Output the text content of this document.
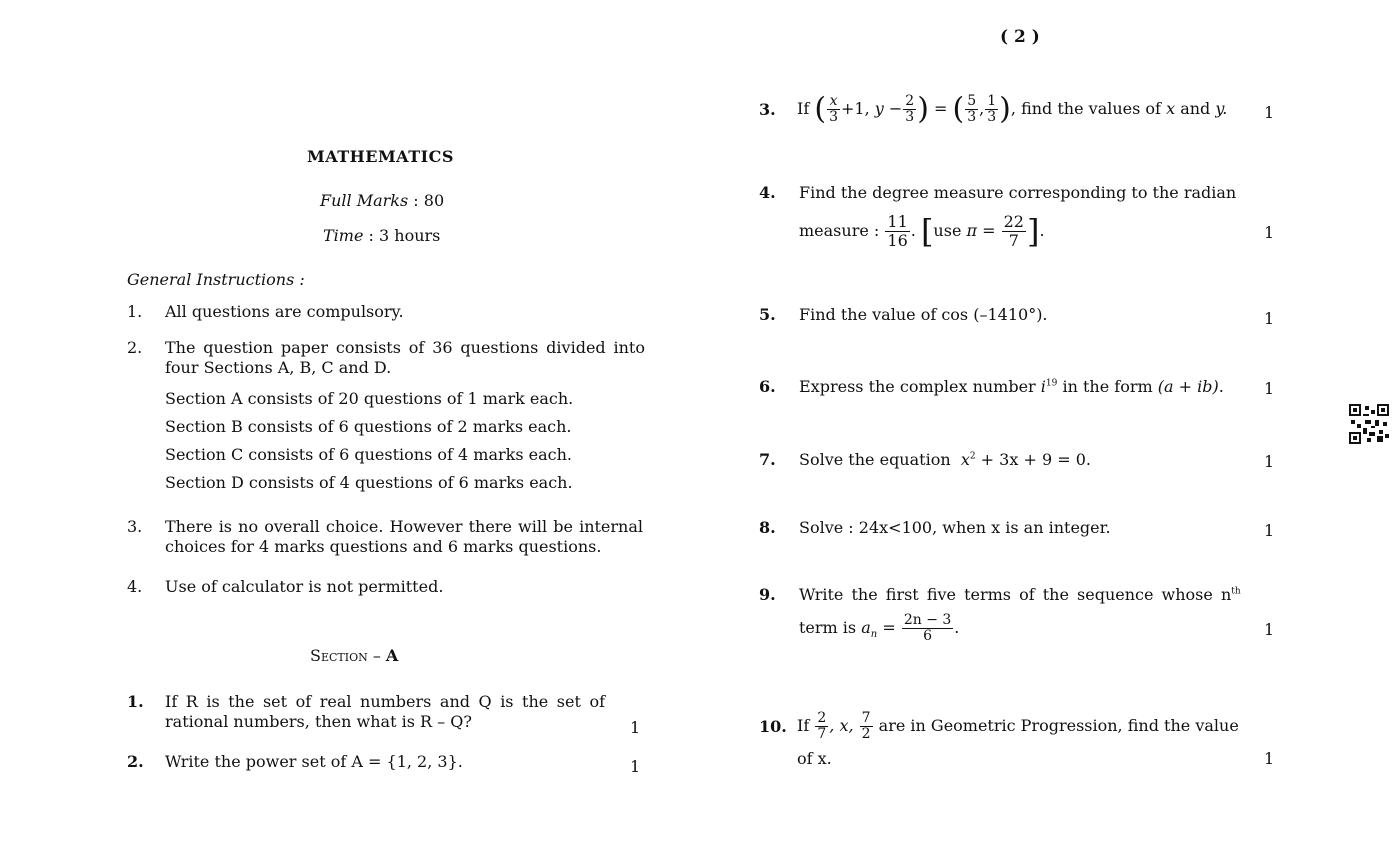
( 2 )
MATHEMATICS
Full Marks : 80
Time : 3 hours
General Instructions :
1. All questions are compulsory.
2. The question paper consists of 36 questions divided into four Sections A, B, C and D.
Section A consists of 20 questions of 1 mark each.
Section B consists of 6 questions of 2 marks each.
Section C consists of 6 questions of 4 marks each.
Section D consists of 4 questions of 6 marks each.
3. There is no overall choice. However there will be internal choices for 4 marks questions and 6 marks questions.
4. Use of calculator is not permitted.
Section – A
1. If R is the set of real numbers and Q is the set of rational numbers, then what is R – Q?	1
2. Write the power set of A = {1, 2, 3}.	1
3. If ( $\frac{x}{3} +1$, $y - \frac{2}{3}$ ) = ( $\frac{5}{3}$ , $\frac{1}{3}$ ), find the values of x and y. 1
4. Find the degree measure corresponding to the radian
measure : $\frac{11}{16}$ . [use $\pi = \frac{22}{7}$ ].	1
5. Find the value of cos (–1410°).	1
6. Express the complex number $i^{19}$ in the form (a + ib).	1
7. Solve the equation $x^2 + 3x + 9 = 0$.	1
8. Solve : 24x<100, when x is an integer.	1
9. Write the first five terms of the sequence whose $n^{th}$
term is $a_n = \frac{2n - 3}{6}$ .	1
10. If $\frac{2}{7}$ , x, $\frac{7}{2}$ are in Geometric Progression, find the value
of x.	1
